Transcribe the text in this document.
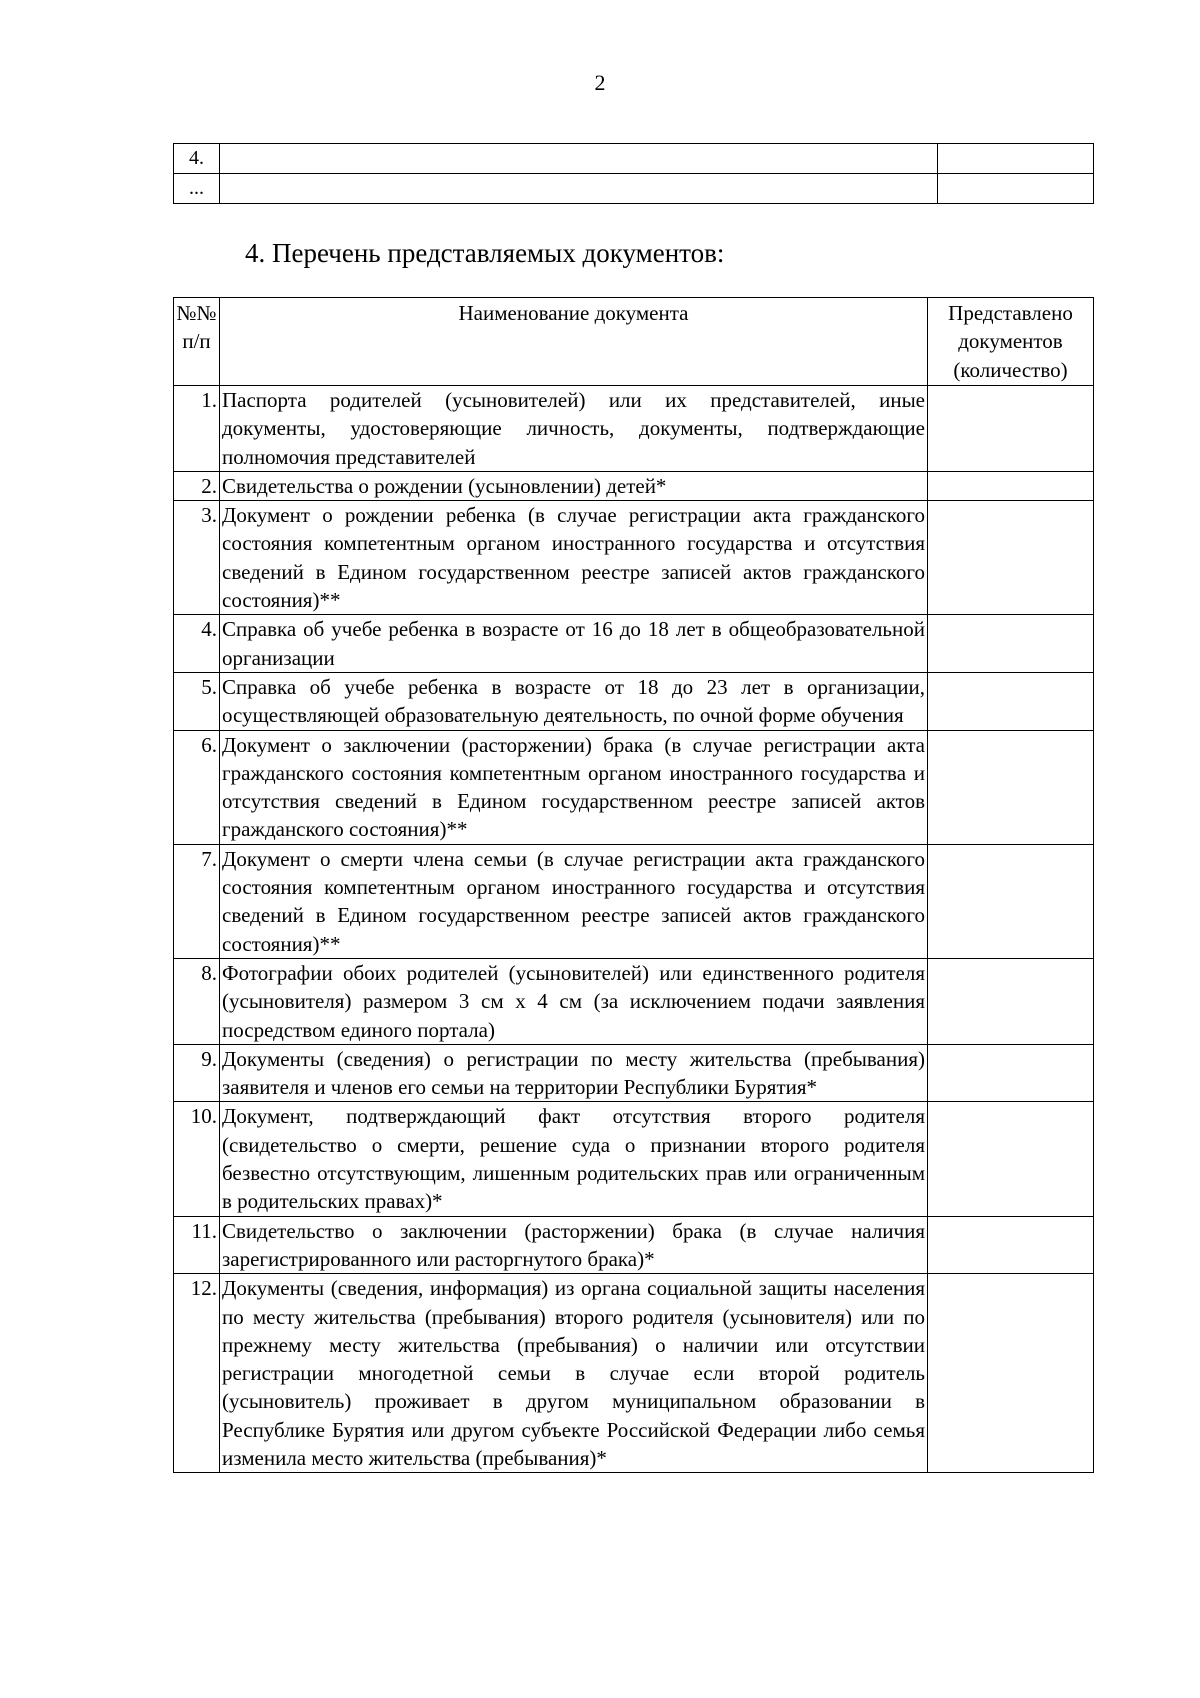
2
4.		
...		
4. Перечень представляемых документов:
№№ п/п	Наименование документа	Представлено документов (количество)
1.	Паспорта родителей (усыновителей) или их представителей, иные документы, удостоверяющие личность, документы, подтверждающие полномочия представителей	
2.	Свидетельства о рождении (усыновлении) детей*	
3.	Документ о рождении ребенка (в случае регистрации акта гражданского состояния компетентным органом иностранного государства и отсутствия сведений в Едином государственном реестре записей актов гражданского состояния)**	
4.	Справка об учебе ребенка в возрасте от 16 до 18 лет в общеобразовательной организации	
5.	Справка об учебе ребенка в возрасте от 18 до 23 лет в организации, осуществляющей образовательную деятельность, по очной форме обучения	
6.	Документ о заключении (расторжении) брака (в случае регистрации акта гражданского состояния компетентным органом иностранного государства и отсутствия сведений в Едином государственном реестре записей актов гражданского состояния)**	
7.	Документ о смерти члена семьи (в случае регистрации акта гражданского состояния компетентным органом иностранного государства и отсутствия сведений в Едином государственном реестре записей актов гражданского состояния)**	
8.	Фотографии обоих родителей (усыновителей) или единственного родителя (усыновителя) размером 3 см х 4 см (за исключением подачи заявления посредством единого портала)	
9.	Документы (сведения) о регистрации по месту жительства (пребывания) заявителя и членов его семьи на территории Республики Бурятия*	
10.	Документ, подтверждающий факт отсутствия второго родителя (свидетельство о смерти, решение суда о признании второго родителя безвестно отсутствующим, лишенным родительских прав или ограниченным в родительских правах)*	
11.	Свидетельство о заключении (расторжении) брака (в случае наличия зарегистрированного или расторгнутого брака)*	
12.	Документы (сведения, информация) из органа социальной защиты населения по месту жительства (пребывания) второго родителя (усыновителя) или по прежнему месту жительства (пребывания) о наличии или отсутствии регистрации многодетной семьи в случае если второй родитель (усыновитель) проживает в другом муниципальном образовании в Республике Бурятия или другом субъекте Российской Федерации либо семья изменила место жительства (пребывания)*	
